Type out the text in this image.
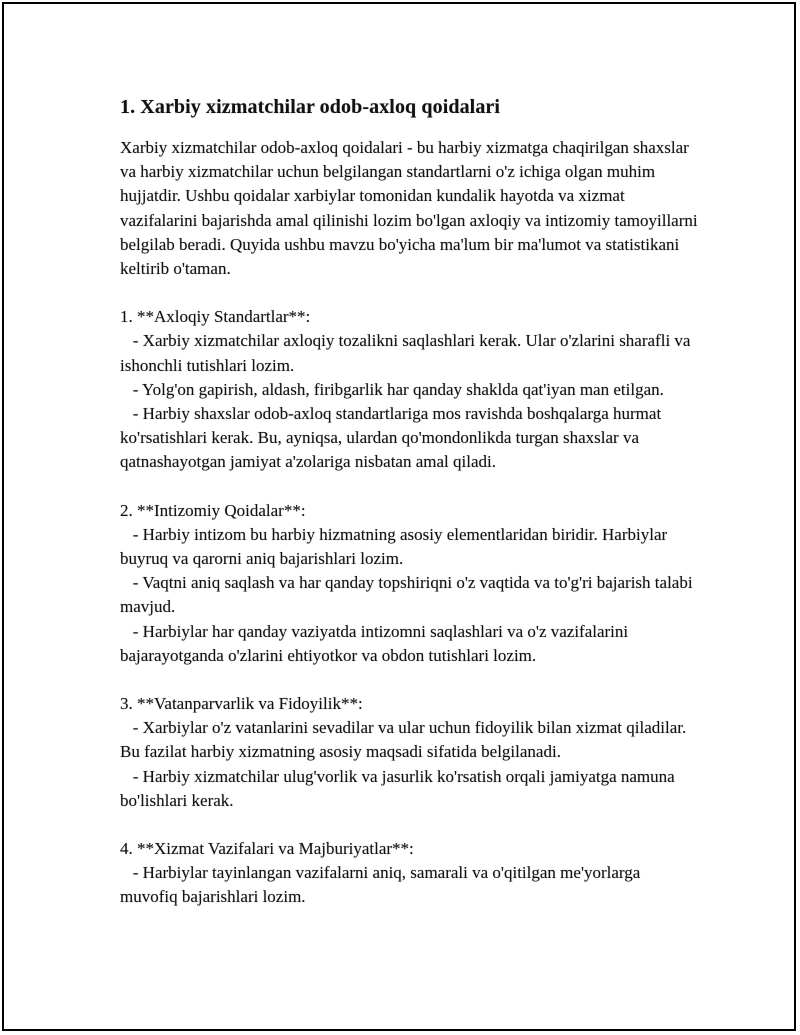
1. Xarbiy xizmatchilar odob-axloq qoidalari

Xarbiy xizmatchilar odob-axloq qoidalari - bu harbiy xizmatga chaqirilgan shaxslar va harbiy xizmatchilar uchun belgilangan standartlarni o'z ichiga olgan muhim hujjatdir. Ushbu qoidalar xarbiylar tomonidan kundalik hayotda va xizmat vazifalarini bajarishda amal qilinishi lozim bo'lgan axloqiy va intizomiy tamoyillarni belgilab beradi. Quyida ushbu mavzu bo'yicha ma'lum bir ma'lumot va statistikani keltirib o'taman.

1. **Axloqiy Standartlar**:

- Xarbiy xizmatchilar axloqiy tozalikni saqlashlari kerak. Ular o'zlarini sharafli va ishonchli tutishlari lozim.

- Yolg'on gapirish, aldash, firibgarlik har qanday shaklda qat'iyan man etilgan.

- Harbiy shaxslar odob-axloq standartlariga mos ravishda boshqalarga hurmat ko'rsatishlari kerak. Bu, ayniqsa, ulardan qo'mondonlikda turgan shaxslar va qatnashayotgan jamiyat a'zolariga nisbatan amal qiladi.

2. **Intizomiy Qoidalar**:

- Harbiy intizom bu harbiy hizmatning asosiy elementlaridan biridir. Harbiylar buyruq va qarorni aniq bajarishlari lozim.

- Vaqtni aniq saqlash va har qanday topshiriqni o'z vaqtida va to'g'ri bajarish talabi mavjud.

- Harbiylar har qanday vaziyatda intizomni saqlashlari va o'z vazifalarini bajarayotganda o'zlarini ehtiyotkor va obdon tutishlari lozim.

3. **Vatanparvarlik va Fidoyilik**:

- Xarbiylar o'z vatanlarini sevadilar va ular uchun fidoyilik bilan xizmat qiladilar. Bu fazilat harbiy xizmatning asosiy maqsadi sifatida belgilanadi.

- Harbiy xizmatchilar ulug'vorlik va jasurlik ko'rsatish orqali jamiyatga namuna bo'lishlari kerak.

4. **Xizmat Vazifalari va Majburiyatlar**:

- Harbiylar tayinlangan vazifalarni aniq, samarali va o'qitilgan me'yorlarga muvofiq bajarishlari lozim.
